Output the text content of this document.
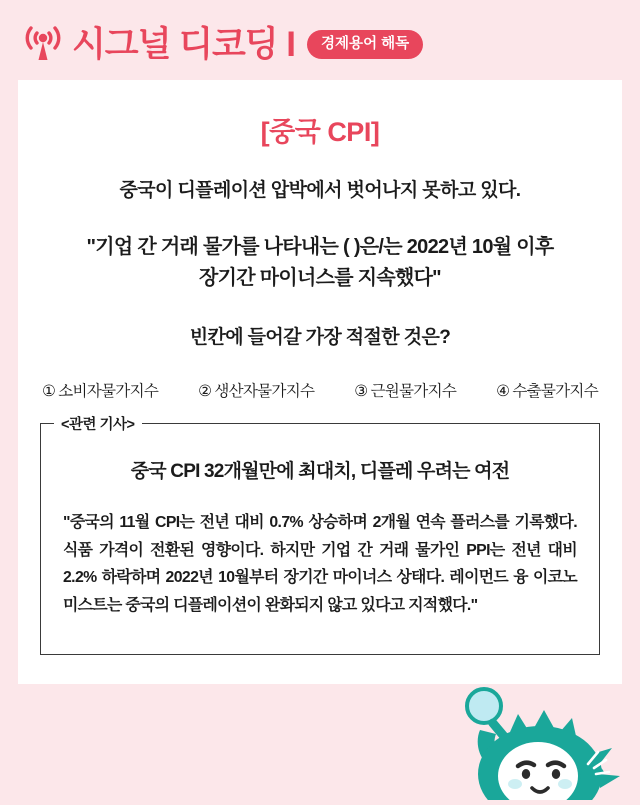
시그널 디코딩 I	경제용어 해독
[중국 CPI]
중국이 디플레이션 압박에서 벗어나지 못하고 있다.
"기업 간 거래 물가를 나타내는 ( )은/는 2022년 10월 이후
장기간 마이너스를 지속했다"
빈칸에 들어갈 가장 적절한 것은?
① 소비자물가지수	② 생산자물가지수	③ 근원물가지수	④ 수출물가지수
중국 CPI 32개월만에 최대치, 디플레 우려는 여전
"중국의 11월 CPI는 전년 대비 0.7% 상승하며 2개월 연속 플러스를 기록했다. 식품 가격이 전환된 영향이다. 하지만 기업 간 거래 물가인 PPI는 전년 대비 2.2% 하락하며 2022년 10월부터 장기간 마이너스 상태다. 레이먼드 융 이코노미스트는 중국의 디플레이션이 완화되지 않고 있다고 지적했다."
<관련 기사>
